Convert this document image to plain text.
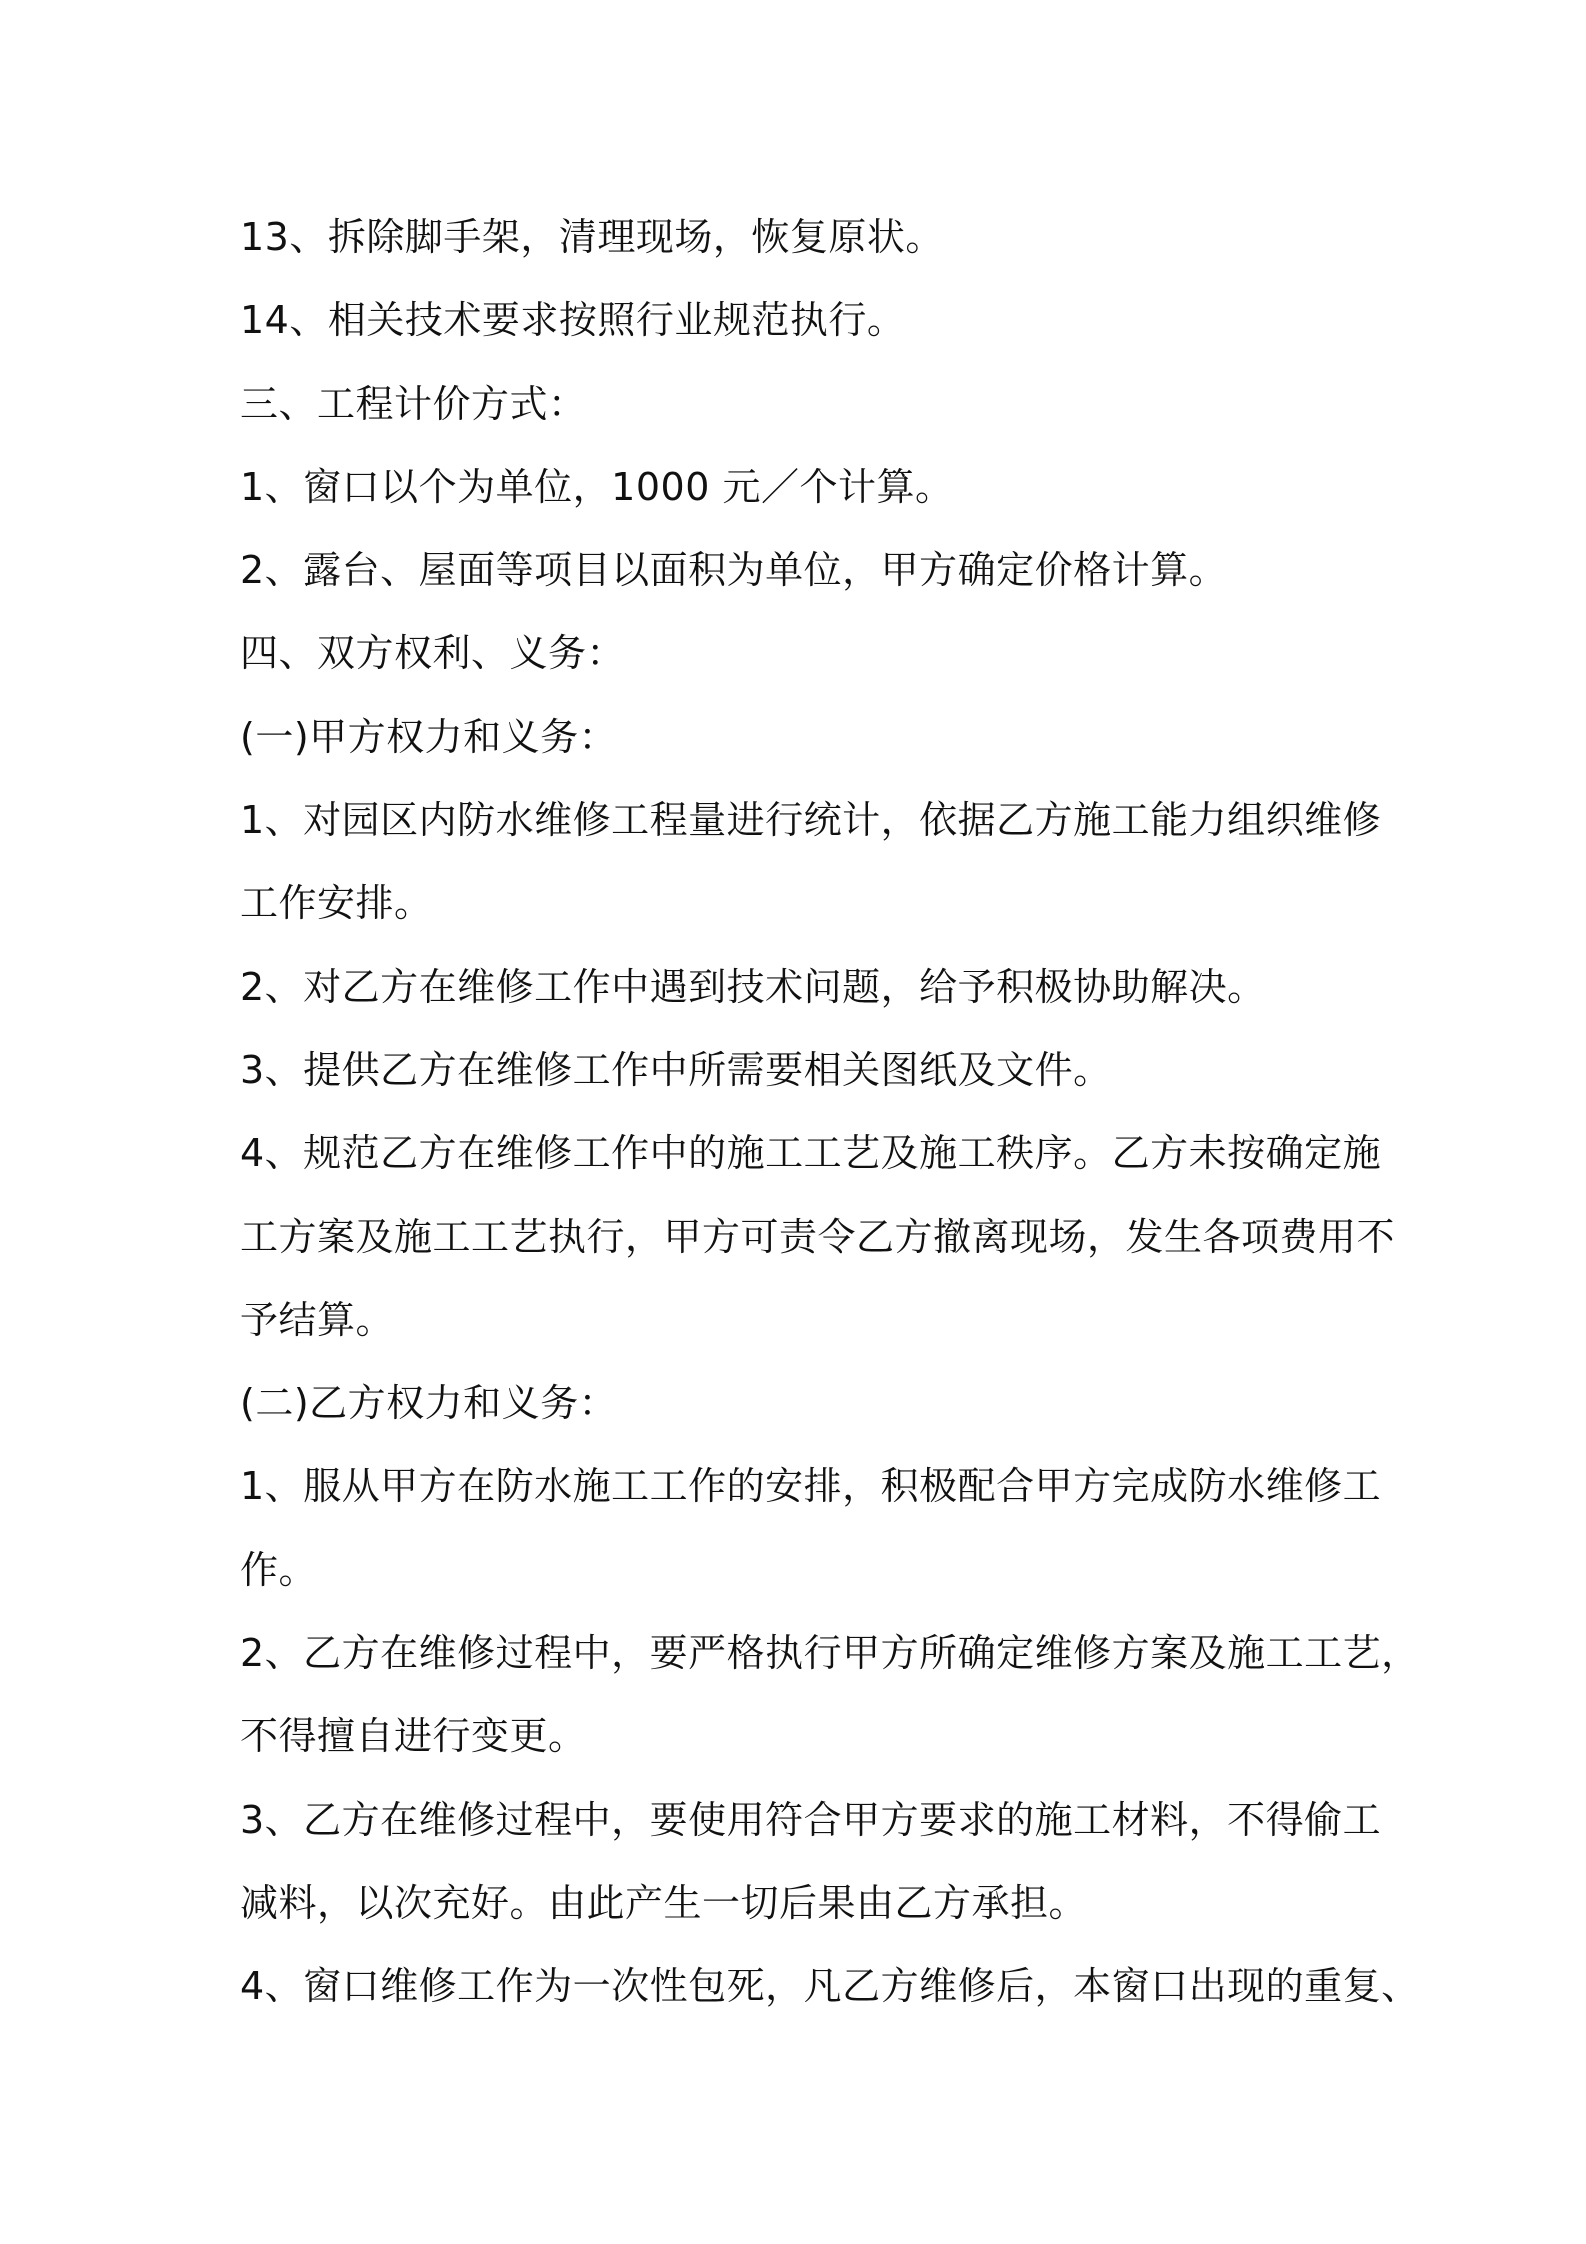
13、拆除脚手架，清理现场，恢复原状。
14、相关技术要求按照行业规范执行。
三、工程计价方式：
1、窗口以个为单位，1000 元／个计算。
2、露台、屋面等项目以面积为单位，甲方确定价格计算。
四、双方权利、义务：
(一)甲方权力和义务：
1、对园区内防水维修工程量进行统计，依据乙方施工能力组织维修
工作安排。
2、对乙方在维修工作中遇到技术问题，给予积极协助解决。
3、提供乙方在维修工作中所需要相关图纸及文件。
4、规范乙方在维修工作中的施工工艺及施工秩序。乙方未按确定施
工方案及施工工艺执行，甲方可责令乙方撤离现场，发生各项费用不
予结算。
(二)乙方权力和义务：
1、服从甲方在防水施工工作的安排，积极配合甲方完成防水维修工
作。
2、乙方在维修过程中，要严格执行甲方所确定维修方案及施工工艺，
不得擅自进行变更。
3、乙方在维修过程中，要使用符合甲方要求的施工材料，不得偷工
减料，以次充好。由此产生一切后果由乙方承担。
4、窗口维修工作为一次性包死，凡乙方维修后，本窗口出现的重复、
